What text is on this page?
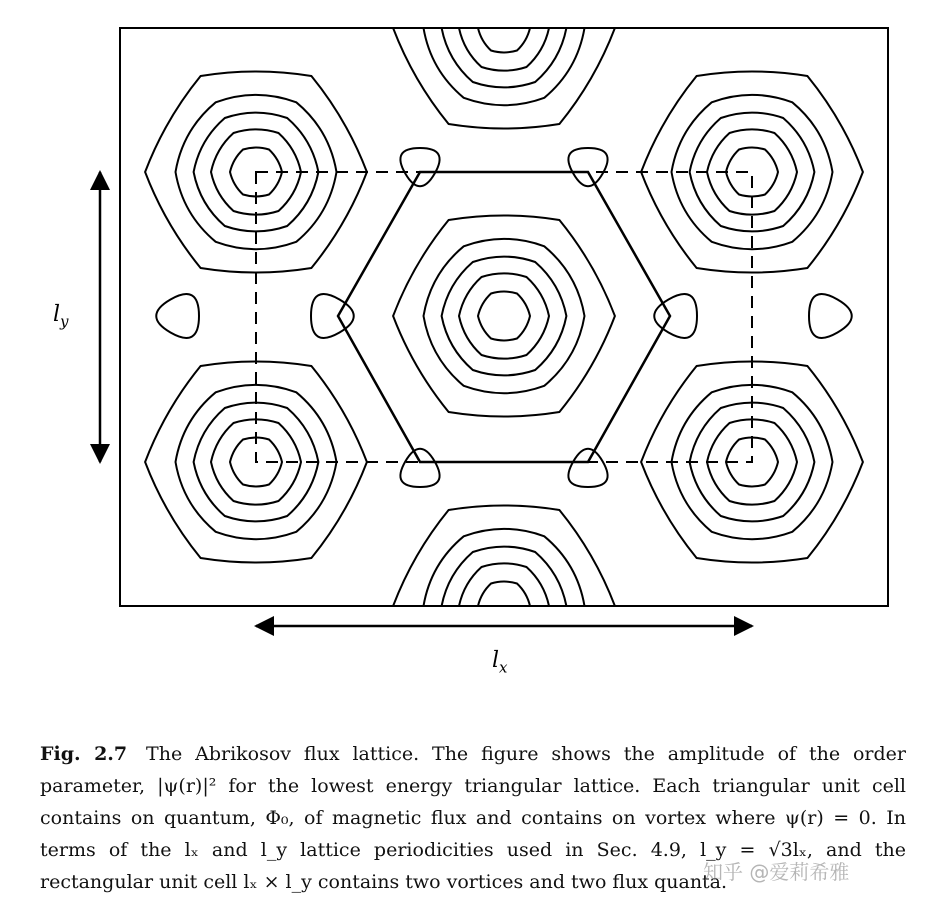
$l_y$
$l_x$
Fig. 2.7 The Abrikosov flux lattice. The figure shows the amplitude of the order parameter, |ψ(r)|² for the lowest energy triangular lattice. Each triangular unit cell contains on quantum, Φ₀, of magnetic flux and contains on vortex where ψ(r) = 0. In terms of the lₓ and l_y lattice periodicities used in Sec. 4.9, l_y = √3lₓ, and the rectangular unit cell lₓ × l_y contains two vortices and two flux quanta.
知乎 @爱莉希雅
